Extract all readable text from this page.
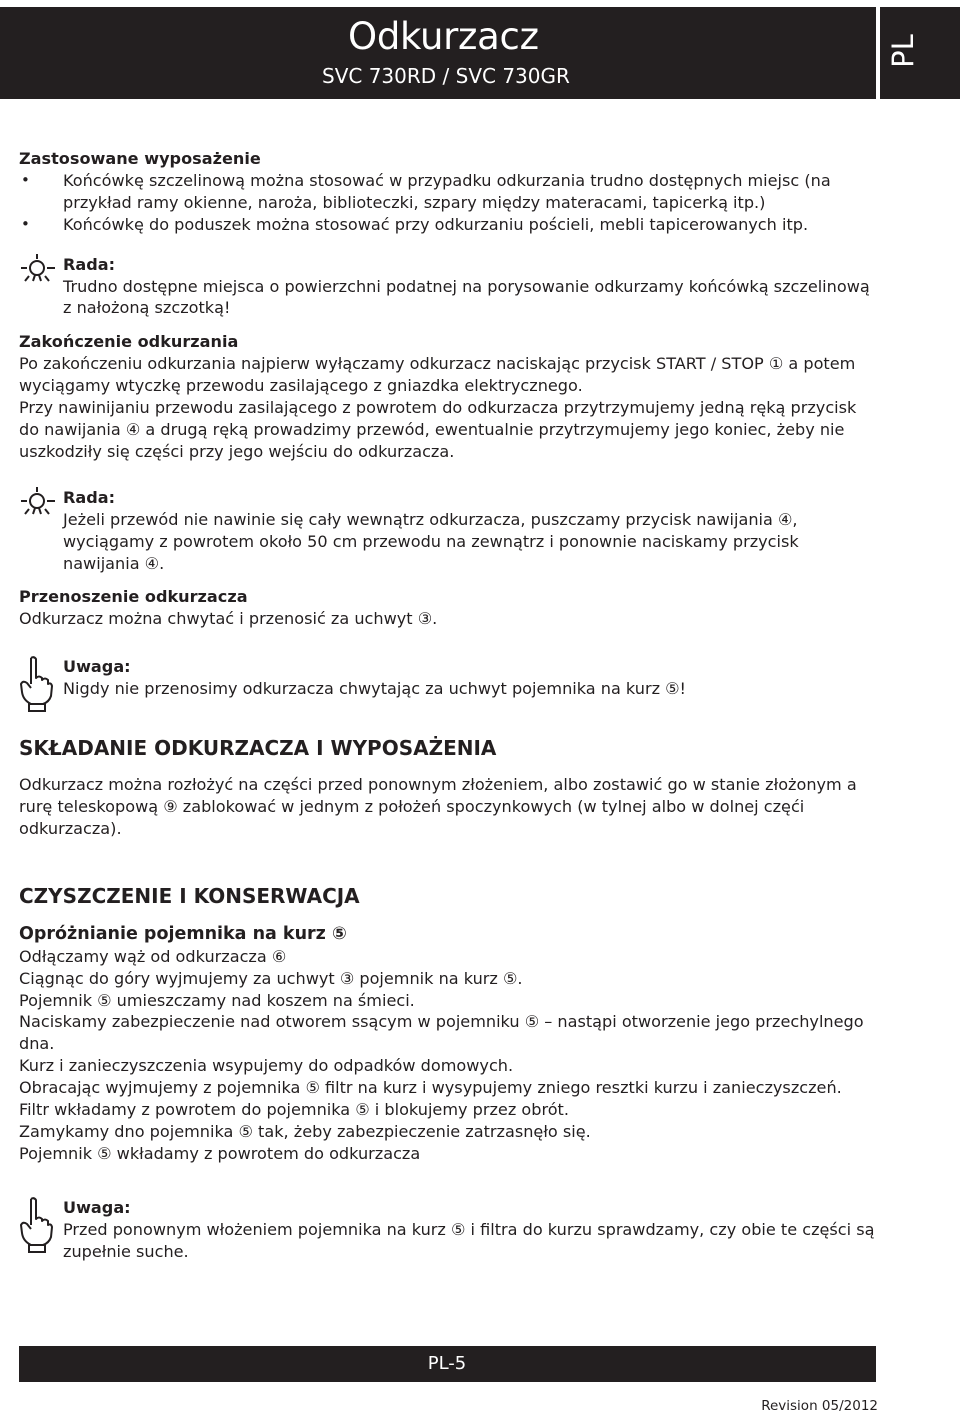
Odkurzacz
SVC 730RD / SVC 730GR
PL
Zastosowane wyposażenie
• Końcówkę szczelinową można stosować w przypadku odkurzania trudno dostępnych miejsc (na przykład ramy okienne, naroża, biblioteczki, szpary między materacami, tapicerką itp.)
• Końcówkę do poduszek można stosować przy odkurzaniu pościeli, mebli tapicerowanych itp.
Rada:
Trudno dostępne miejsca o powierzchni podatnej na porysowanie odkurzamy końcówką szczelinową z nałożoną szczotką!
Zakończenie odkurzania
Po zakończeniu odkurzania najpierw wyłączamy odkurzacz naciskając przycisk START / STOP ① a potem wyciągamy wtyczkę przewodu zasilającego z gniazdka elektrycznego.
Przy nawinijaniu przewodu zasilającego z powrotem do odkurzacza przytrzymujemy jedną ręką przycisk do nawijania ④ a drugą ręką prowadzimy przewód, ewentualnie przytrzymujemy jego koniec, żeby nie uszkodziły się części przy jego wejściu do odkurzacza.
Rada:
Jeżeli przewód nie nawinie się cały wewnątrz odkurzacza, puszczamy przycisk nawijania ④, wyciągamy z powrotem około 50 cm przewodu na zewnątrz i ponownie naciskamy przycisk nawijania ④.
Przenoszenie odkurzacza
Odkurzacz można chwytać i przenosić za uchwyt ③.
Uwaga:
Nigdy nie przenosimy odkurzacza chwytając za uchwyt pojemnika na kurz ⑤!
SKŁADANIE ODKURZACZA I WYPOSAŻENIA
Odkurzacz można rozłożyć na części przed ponownym złożeniem, albo zostawić go w stanie złożonym a rurę teleskopową ⑨ zablokować w jednym z położeń spoczynkowych (w tylnej albo w dolnej częći odkurzacza).
CZYSZCZENIE I KONSERWACJA
Opróżnianie pojemnika na kurz ⑤
Odłączamy wąż od odkurzacza ⑥
Ciągnąc do góry wyjmujemy za uchwyt ③ pojemnik na kurz ⑤.
Pojemnik ⑤ umieszczamy nad koszem na śmieci.
Naciskamy zabezpieczenie nad otworem ssącym w pojemniku ⑤ – nastąpi otworzenie jego przechylnego dna.
Kurz i zanieczyszczenia wsypujemy do odpadków domowych.
Obracając wyjmujemy z pojemnika ⑤ filtr na kurz i wysypujemy zniego resztki kurzu i zanieczyszczeń.
Filtr wkładamy z powrotem do pojemnika ⑤ i blokujemy przez obrót.
Zamykamy dno pojemnika ⑤ tak, żeby zabezpieczenie zatrzasnęło się.
Pojemnik ⑤ wkładamy z powrotem do odkurzacza
Uwaga:
Przed ponownym włożeniem pojemnika na kurz ⑤ i filtra do kurzu sprawdzamy, czy obie te części są zupełnie suche.
PL-5
Revision 05/2012
